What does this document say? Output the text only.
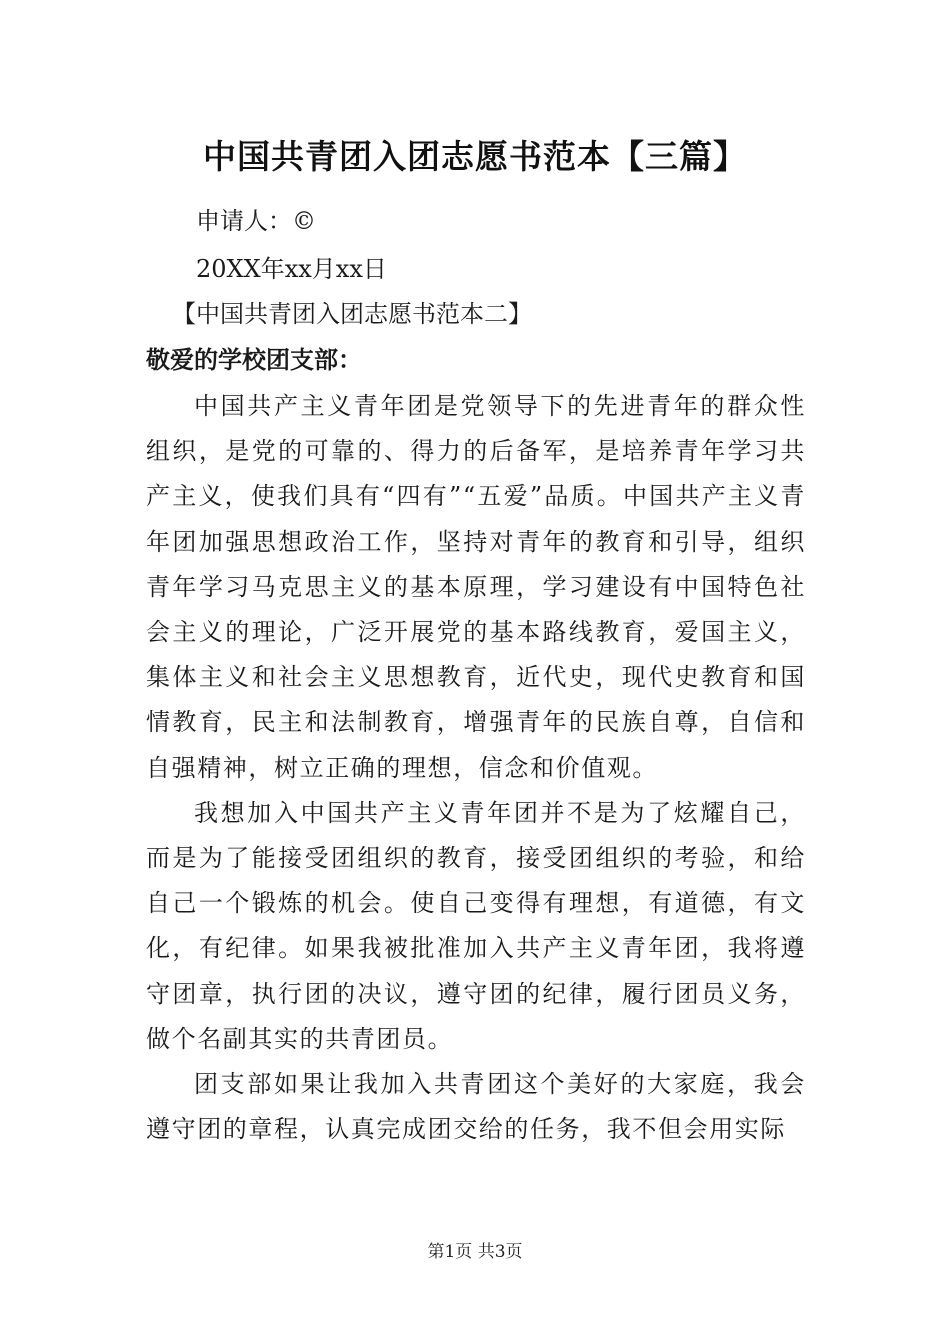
中国共青团入团志愿书范本【三篇】
申请人：©
20XX年xx月xx日
【中国共青团入团志愿书范本二】
敬爱的学校团支部：

中国共产主义青年团是党领导下的先进青年的群众性组织，是党的可靠的、得力的后备军，是培养青年学习共产主义，使我们具有“四有”“五爱”品质。中国共产主义青年团加强思想政治工作，坚持对青年的教育和引导，组织青年学习马克思主义的基本原理，学习建设有中国特色社会主义的理论，广泛开展党的基本路线教育，爱国主义，集体主义和社会主义思想教育，近代史，现代史教育和国情教育，民主和法制教育，增强青年的民族自尊，自信和自强精神，树立正确的理想，信念和价值观。

我想加入中国共产主义青年团并不是为了炫耀自己，而是为了能接受团组织的教育，接受团组织的考验，和给自己一个锻炼的机会。使自己变得有理想，有道德，有文化，有纪律。如果我被批准加入共产主义青年团，我将遵守团章，执行团的决议，遵守团的纪律，履行团员义务，做个名副其实的共青团员。

团支部如果让我加入共青团这个美好的大家庭，我会遵守团的章程，认真完成团交给的任务，我不但会用实际

第1页 共3页
